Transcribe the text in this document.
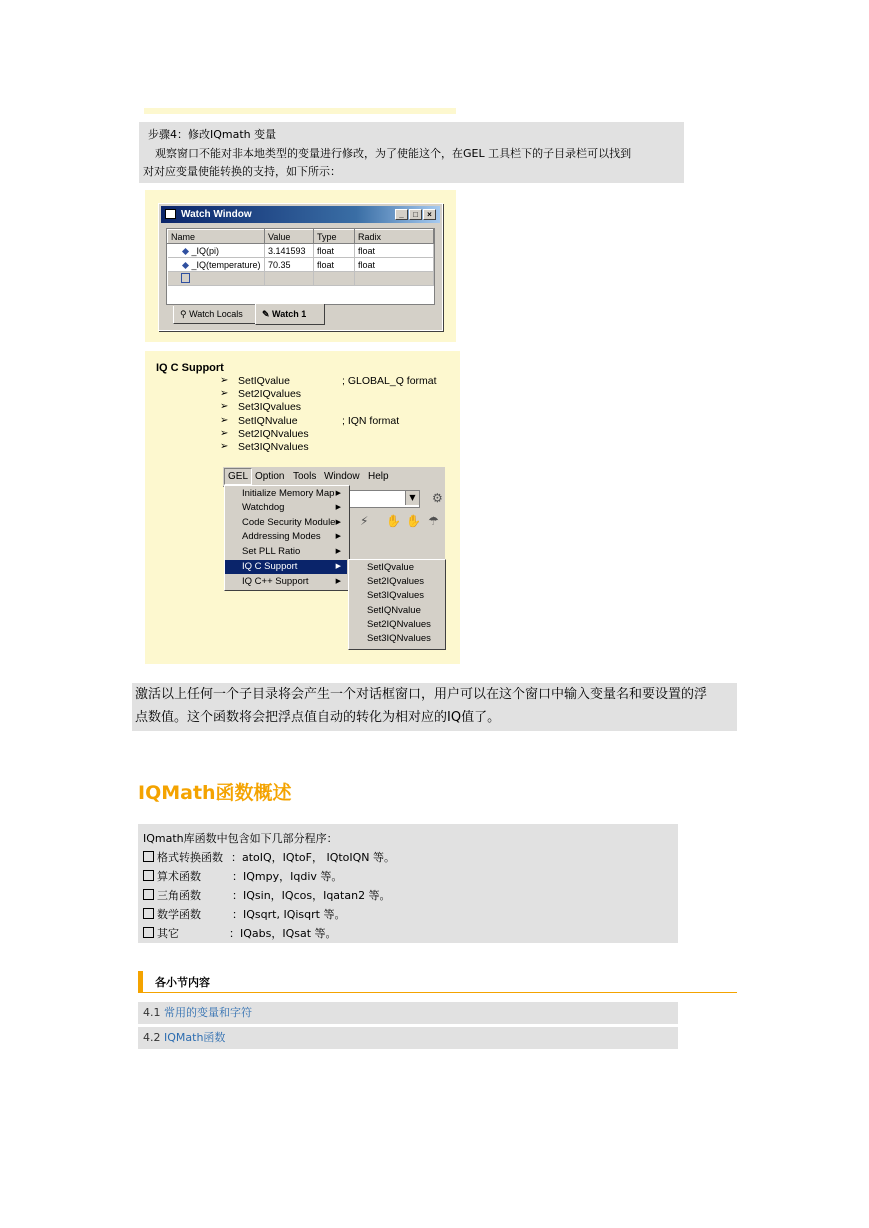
步骤4：修改IQmath 变量
观察窗口不能对非本地类型的变量进行修改，为了使能这个，在GEL 工具栏下的子目录栏可以找到
对对应变量使能转换的支持，如下所示：
Watch Window	_	□	×
Name	Value	Type	Radix
_IQ(pi)	3.141593	float	float
_IQ(temperature)	70.35	float	float

⚲ Watch Locals	✎ Watch 1
IQ C Support
➢ SetIQvalue	; GLOBAL_Q format
➢ Set2IQvalues
➢ Set3IQvalues
➢ SetIQNvalue	; IQN format
➢ Set2IQNvalues
➢ Set3IQNvalues
GEL Option Tools Window Help
▼ ⚙
⚡ ✋ ✋ ☂
Initialize Memory Map ▶
Watchdog	▶
Code Security Module ▶
Addressing Modes ▶
Set PLL Ratio	▶
IQ C Support	▶
IQ C++ Support	▶
SetIQvalue
Set2IQvalues
Set3IQvalues
SetIQNvalue
Set2IQNvalues
Set3IQNvalues
激活以上任何一个子目录将会产生一个对话框窗口，用户可以在这个窗口中输入变量名和要设置的浮
点数值。这个函数将会把浮点值自动的转化为相对应的IQ值了。
IQMath函数概述
IQmath库函数中包含如下几部分程序：
格式转换函数 ：atoIQ，IQtoF， IQtoIQN 等。
算术函数	：IQmpy，Iqdiv 等。
三角函数	：IQsin，IQcos，Iqatan2 等。
数学函数	：IQsqrt, IQisqrt 等。
其它	：IQabs，IQsat 等。
各小节内容
4.1 常用的变量和字符
4.2 IQMath函数
